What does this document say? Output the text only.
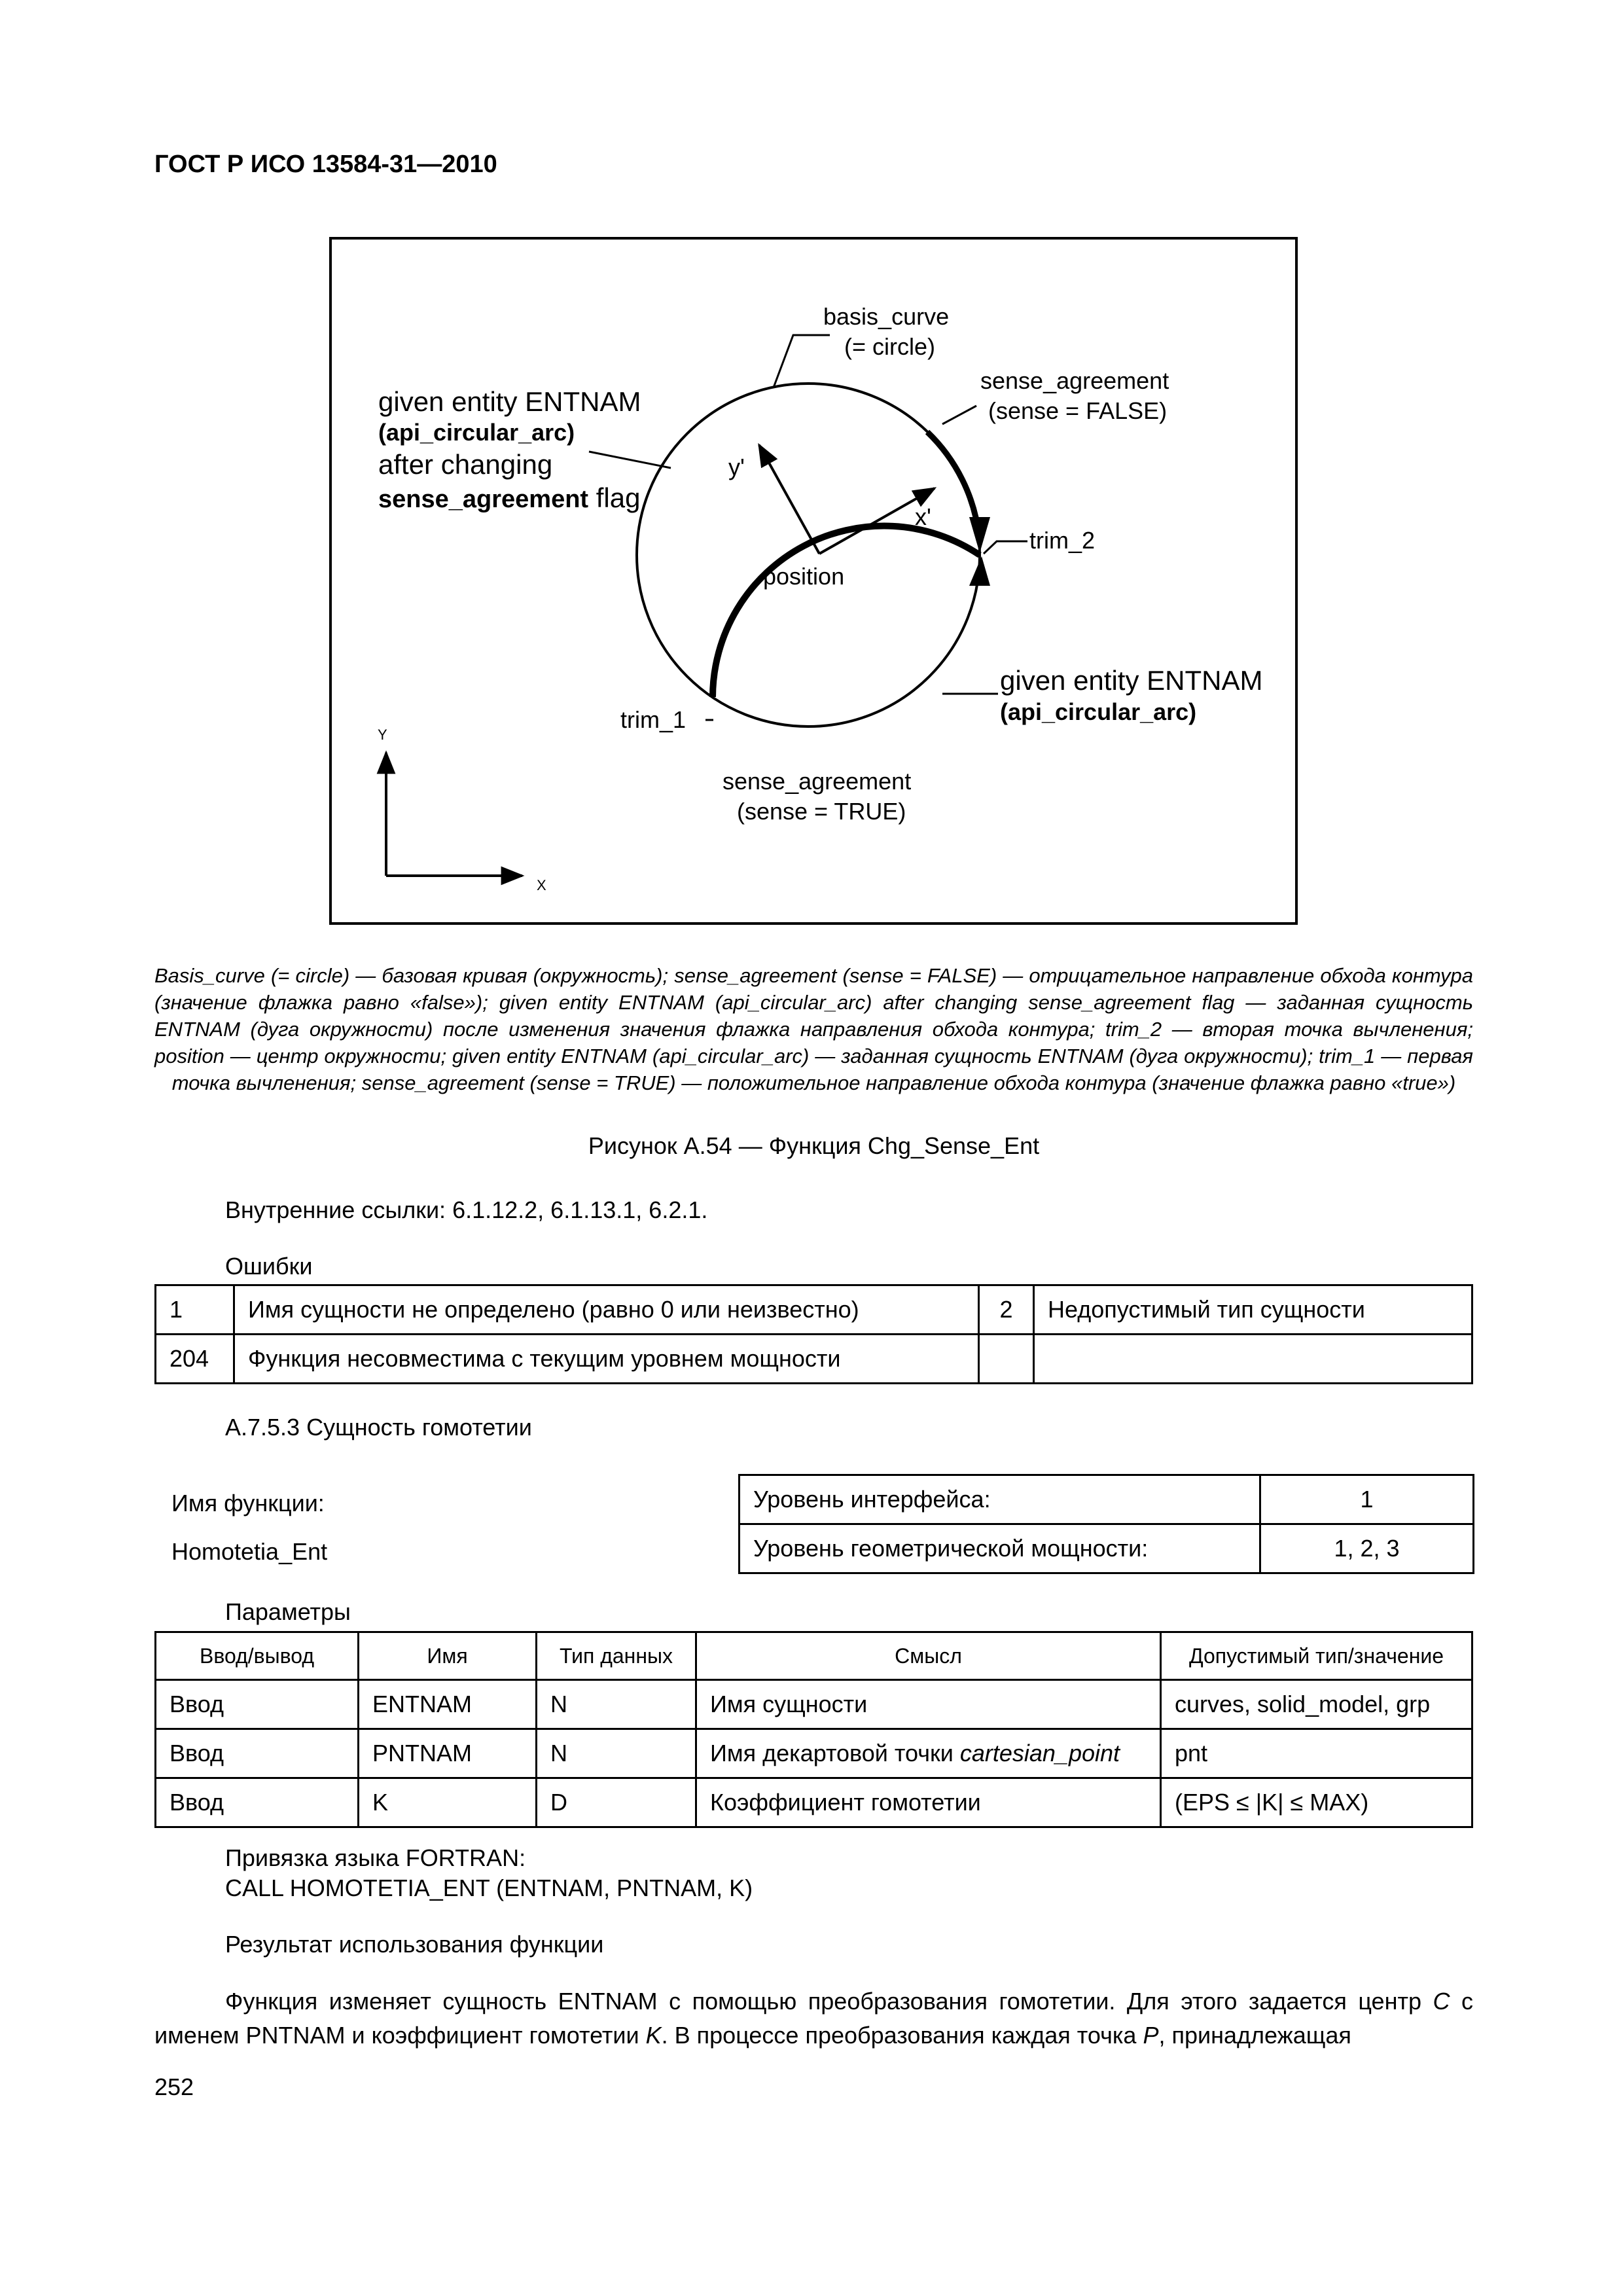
ГОСТ Р ИСО 13584-31—2010
basis_curve
(= circle)
sense_agreement
(sense = FALSE)
given entity ENTNAM
(api_circular_arc)
after changing
sense_agreement flag
y'
x'
position
trim_2
given entity ENTNAM
(api_circular_arc)
trim_1
sense_agreement
(sense = TRUE)
Y
X
Basis_curve (= circle) — базовая кривая (окружность); sense_agreement (sense = FALSE) — отрицательное направление обхода контура (значение флажка равно «false»); given entity ENTNAM (api_circular_arc) after changing sense_agreement flag — заданная сущность ENTNAM (дуга окружности) после изменения значения флажка направления обхода контура; trim_2 — вторая точка вычленения; position — центр окружности; given entity ENTNAM (api_circular_arc) — заданная сущность ENTNAM (дуга окружности); trim_1 — первая точка вычленения; sense_agreement (sense = TRUE) — положительное направление обхода контура (значение флажка равно «true»)
Рисунок А.54 — Функция Chg_Sense_Ent
Внутренние ссылки: 6.1.12.2, 6.1.13.1, 6.2.1.
Ошибки
1	Имя сущности не определено (равно 0 или неизвестно)	2	Недопустимый тип сущности
204	Функция несовместима с текущим уровнем мощности		
А.7.5.3 Сущность гомотетии
Имя функции:
Homotetia_Ent
Уровень интерфейса:	1
Уровень геометрической мощности:	1, 2, 3
Параметры
Ввод/вывод	Имя	Тип данных	Смысл	Допустимый тип/значение
Ввод	ENTNAM	N	Имя сущности	curves, solid_model, grp
Ввод	PNTNAM	N	Имя декартовой точки cartesian_point	pnt
Ввод	K	D	Коэффициент гомотетии	(EPS ≤ |K| ≤ MAX)
Привязка языка FORTRAN:
CALL HOMOTETIA_ENT (ENTNAM, PNTNAM, K)
Результат использования функции
Функция изменяет сущность ENTNAM с помощью преобразования гомотетии. Для этого задается центр C с именем PNTNAM и коэффициент гомотетии K. В процессе преобразования каждая точка P, принадлежащая
252
